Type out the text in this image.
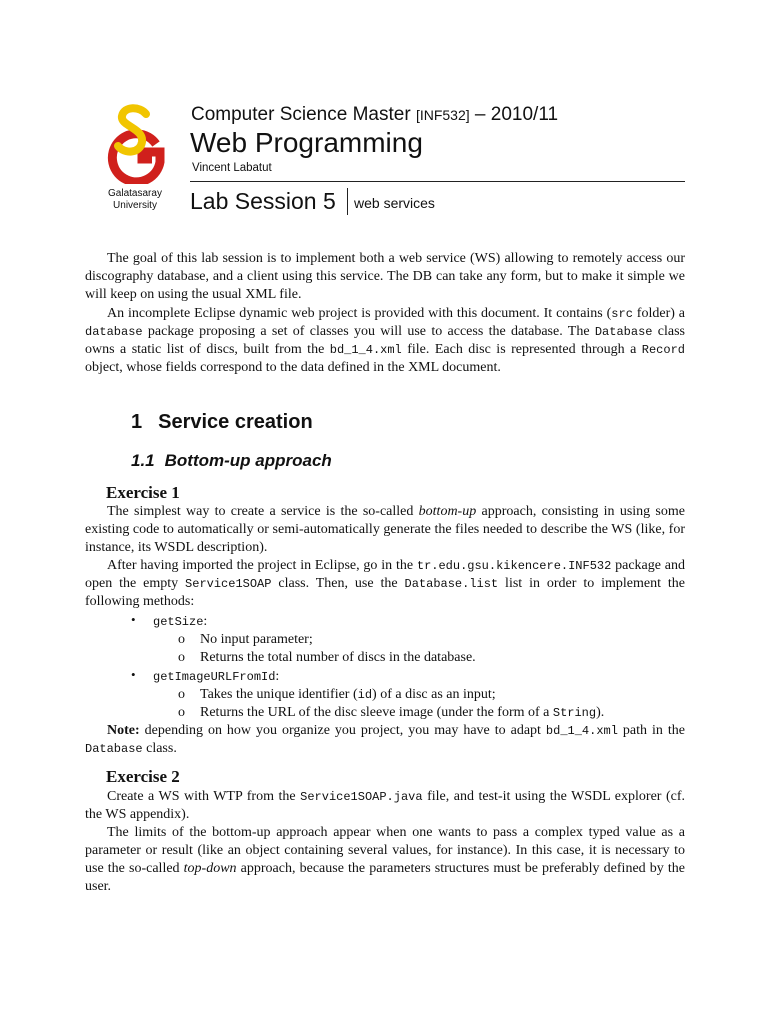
Galatasaray
University
Computer Science Master [INF532] – 2010/11
Web Programming
Vincent Labatut
Lab Session 5 web services
The goal of this lab session is to implement both a web service (WS) allowing to remotely access our discography database, and a client using this service. The DB can take any form, but to make it simple we will keep on using the usual XML file.
An incomplete Eclipse dynamic web project is provided with this document. It contains (src folder) a database package proposing a set of classes you will use to access the database. The Database class owns a static list of discs, built from the bd_1_4.xml file. Each disc is represented through a Record object, whose fields correspond to the data defined in the XML document.
1 Service creation
1.1 Bottom-up approach
Exercise 1
The simplest way to create a service is the so-called bottom-up approach, consisting in using some existing code to automatically or semi-automatically generate the files needed to describe the WS (like, for instance, its WSDL description).
After having imported the project in Eclipse, go in the tr.edu.gsu.kikencere.INF532 package and open the empty Service1SOAP class. Then, use the Database.list list in order to implement the following methods:
• getSize:
o No input parameter;
o Returns the total number of discs in the database.
• getImageURLFromId:
o Takes the unique identifier (id) of a disc as an input;
o Returns the URL of the disc sleeve image (under the form of a String).
Note: depending on how you organize you project, you may have to adapt bd_1_4.xml path in the Database class.
Exercise 2
Create a WS with WTP from the Service1SOAP.java file, and test-it using the WSDL explorer (cf. the WS appendix).
The limits of the bottom-up approach appear when one wants to pass a complex typed value as a parameter or result (like an object containing several values, for instance). In this case, it is necessary to use the so-called top-down approach, because the parameters structures must be preferably defined by the user.
